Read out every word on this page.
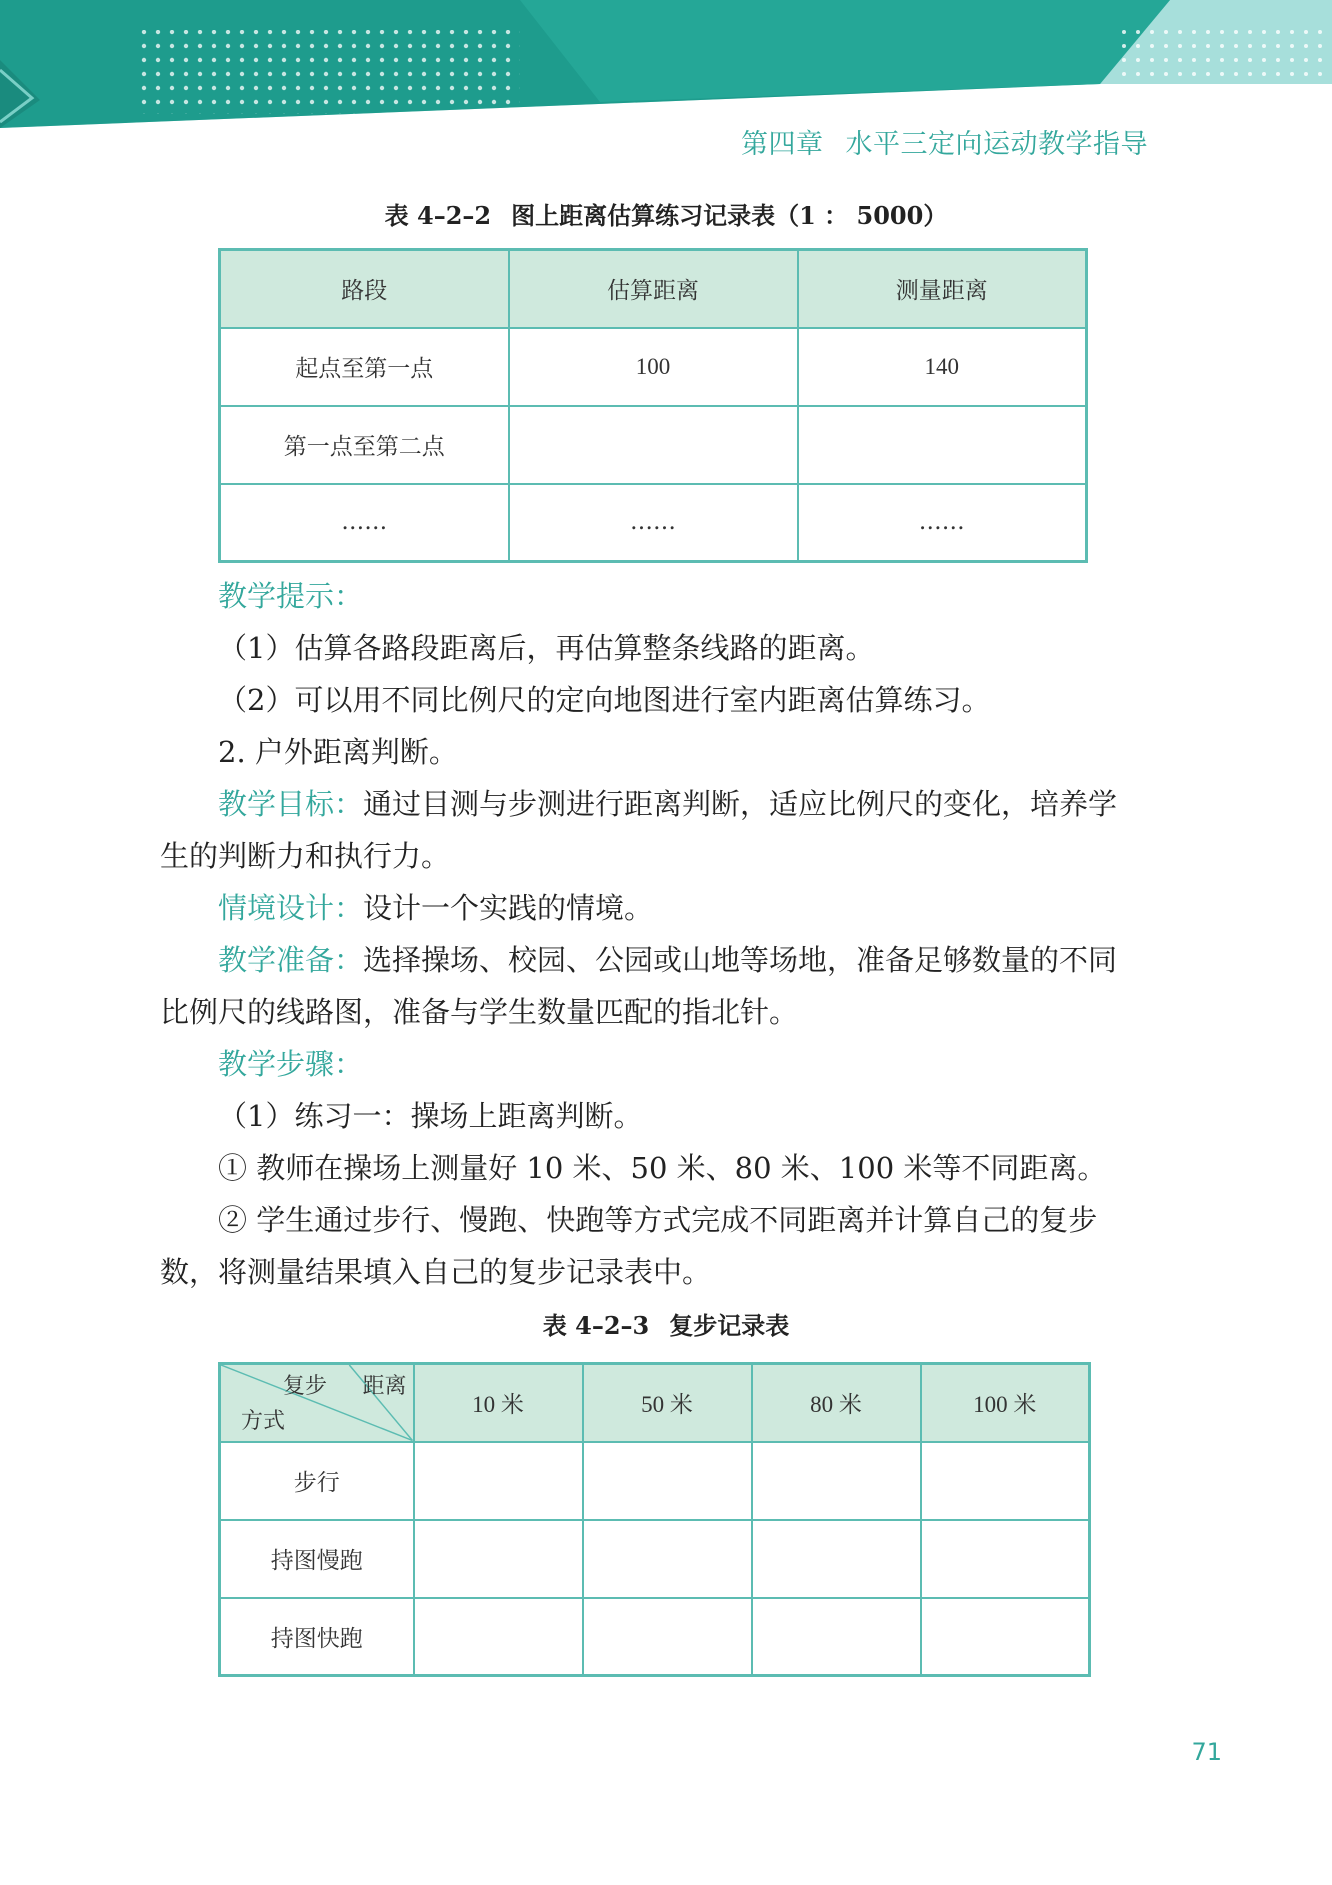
第四章 水平三定向运动教学指导
表 4–2–2 图上距离估算练习记录表（1 ： 5000）
路段	估算距离	测量距离
起点至第一点	100	140
第一点至第二点		
……	……	……
教学提示：
（1）估算各路段距离后，再估算整条线路的距离。
（2）可以用不同比例尺的定向地图进行室内距离估算练习。
2. 户外距离判断。
教学目标：通过目测与步测进行距离判断，适应比例尺的变化，培养学
生的判断力和执行力。
情境设计：设计一个实践的情境。
教学准备：选择操场、校园、公园或山地等场地，准备足够数量的不同
比例尺的线路图，准备与学生数量匹配的指北针。
教学步骤：
（1）练习一：操场上距离判断。
① 教师在操场上测量好 10 米、50 米、80 米、100 米等不同距离。
② 学生通过步行、慢跑、快跑等方式完成不同距离并计算自己的复步
数，将测量结果填入自己的复步记录表中。
表 4–2–3 复步记录表
复步 距离
方式	10 米	50 米	80 米	100 米
步行				
持图慢跑				
持图快跑				
71
